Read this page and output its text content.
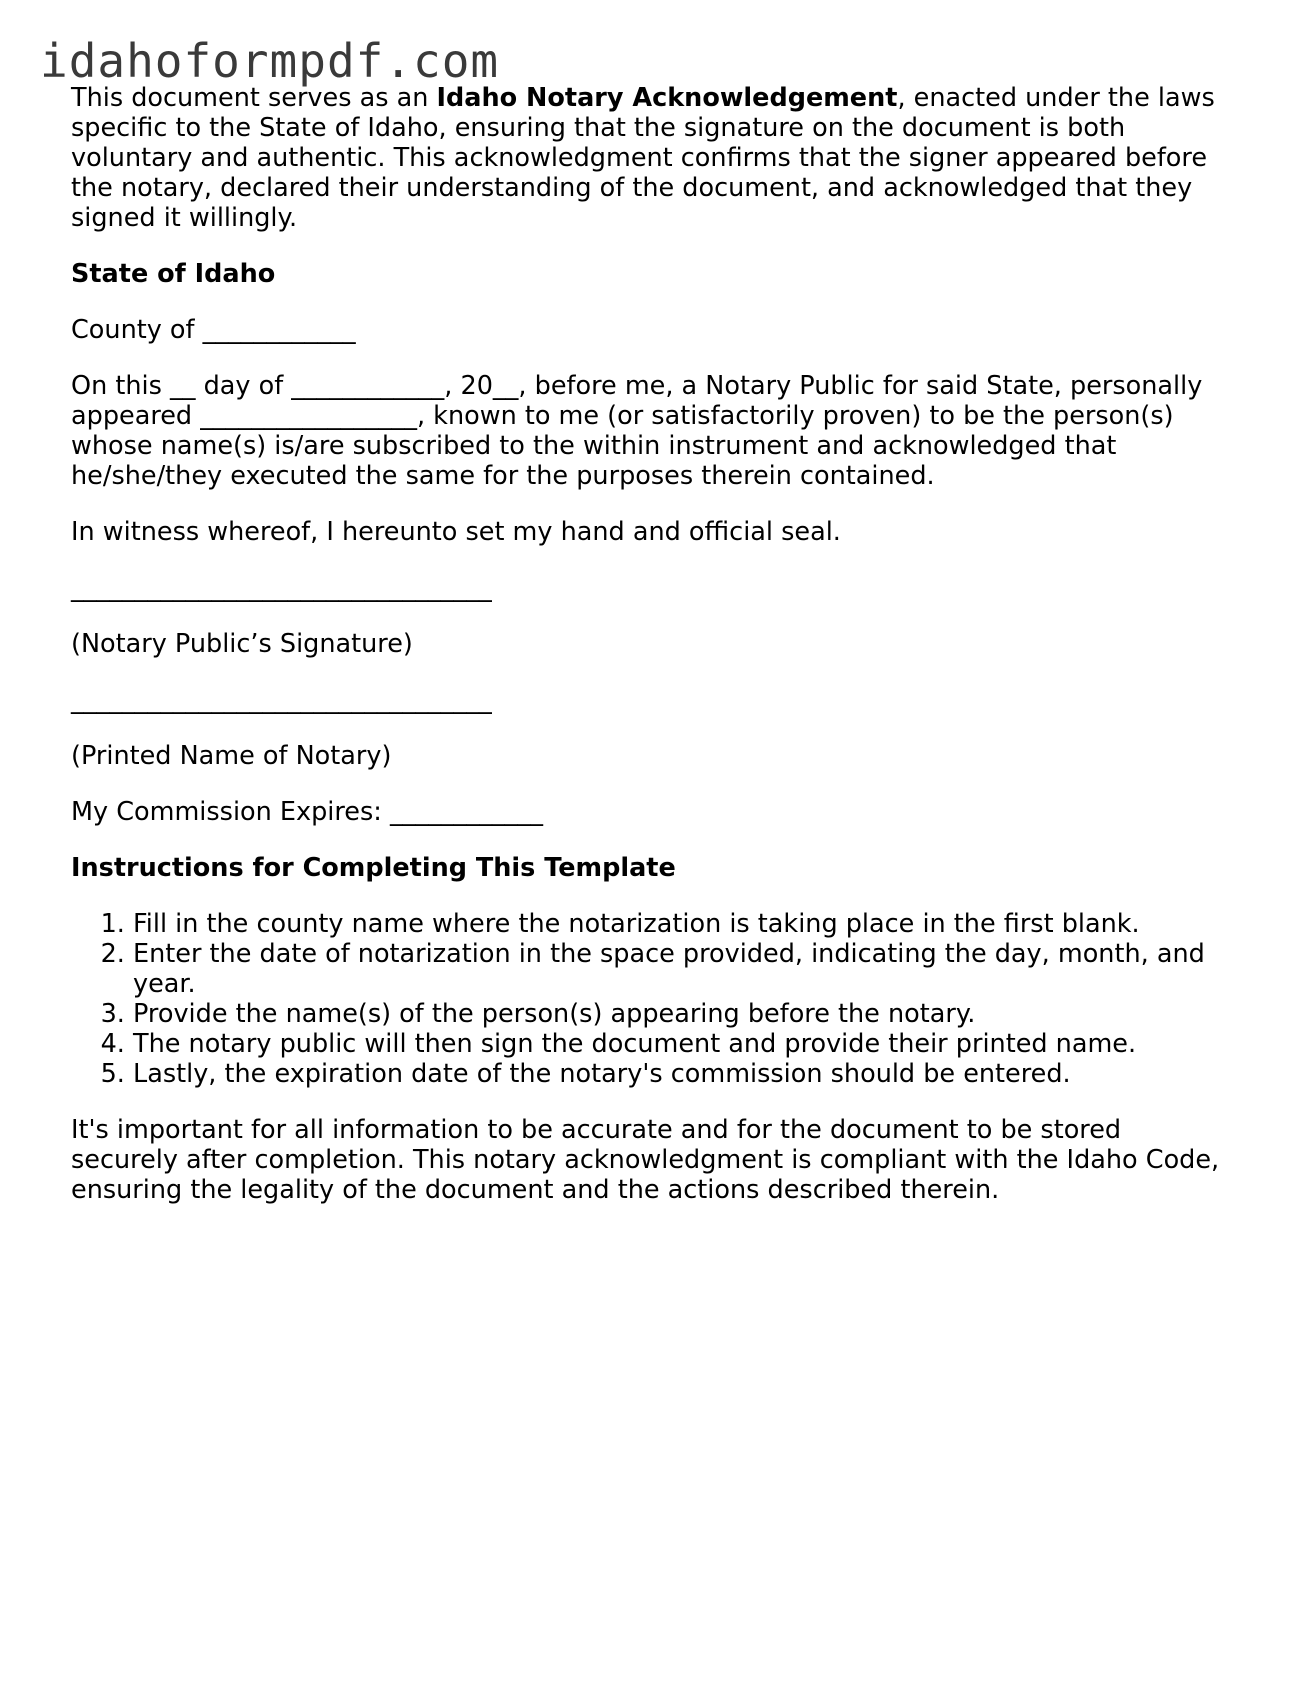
idahoformpdf.com

This document serves as an Idaho Notary Acknowledgement, enacted under the laws specific to the State of Idaho, ensuring that the signature on the document is both voluntary and authentic. This acknowledgment confirms that the signer appeared before the notary, declared their understanding of the document, and acknowledged that they signed it willingly.

State of Idaho

County of ____________

On this __ day of ____________, 20__, before me, a Notary Public for said State, personally appeared _________________, known to me (or satisfactorily proven) to be the person(s) whose name(s) is/are subscribed to the within instrument and acknowledged that he/she/they executed the same for the purposes therein contained.

In witness whereof, I hereunto set my hand and official seal.

_________________________________

(Notary Public’s Signature)

_________________________________

(Printed Name of Notary)

My Commission Expires: ____________

Instructions for Completing This Template
1. Fill in the county name where the notarization is taking place in the first blank.
2. Enter the date of notarization in the space provided, indicating the day, month, and year.
3. Provide the name(s) of the person(s) appearing before the notary.
4. The notary public will then sign the document and provide their printed name.
5. Lastly, the expiration date of the notary's commission should be entered.

It's important for all information to be accurate and for the document to be stored securely after completion. This notary acknowledgment is compliant with the Idaho Code, ensuring the legality of the document and the actions described therein.
